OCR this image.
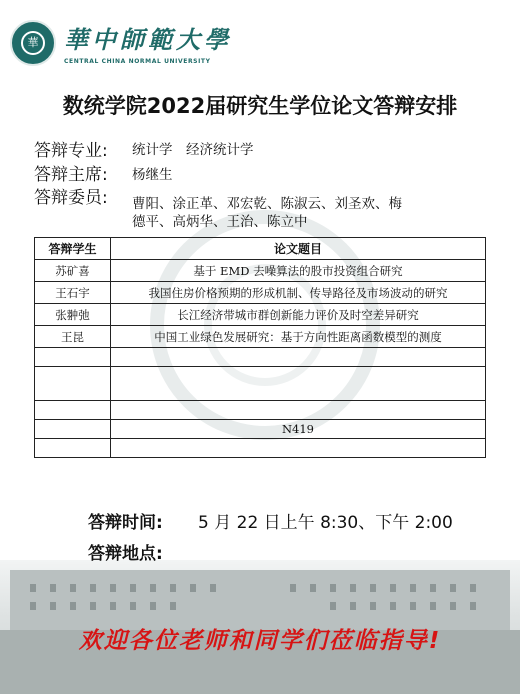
華 華中師範大學
CENTRAL CHINA NORMAL UNIVERSITY
数统学院2022届研究生学位论文答辩安排
答辩专业: 统计学　经济统计学
答辩主席: 杨继生
答辩委员: 曹阳、涂正革、邓宏乾、陈淑云、刘圣欢、梅
德平、高炳华、王治、陈立中
答辩学生	论文题目
苏矿喜	基于 EMD 去噪算法的股市投资组合研究
王石宇	我国住房价格预期的形成机制、传导路径及市场波动的研究
张翀弛	长江经济带城市群创新能力评价及时空差异研究
王昆	中国工业绿色发展研究：基于方向性距离函数模型的测度

	N419

答辩时间: 5 月 22 日上午 8:30、下午 2:00
答辩地点:
欢迎各位老师和同学们莅临指导!
